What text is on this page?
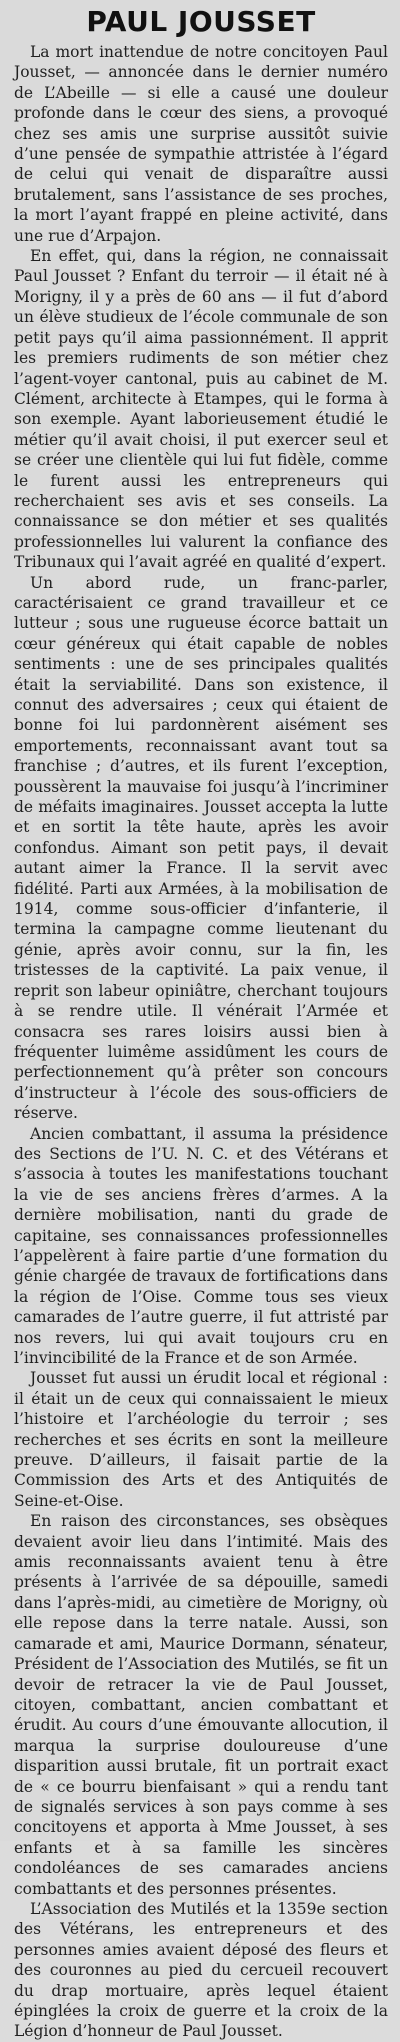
PAUL JOUSSET

La mort inattendue de notre concitoyen Paul Jousset, — annoncée dans le dernier numéro de L’Abeille — si elle a causé une douleur profonde dans le cœur des siens, a provoqué chez ses amis une surprise aussitôt suivie d’une pensée de sympathie attristée à l’égard de celui qui venait de disparaître aussi brutalement, sans l’assistance de ses proches, la mort l’ayant frappé en pleine activité, dans une rue d’Arpajon.

En effet, qui, dans la région, ne connaissait Paul Jousset ? Enfant du terroir — il était né à Morigny, il y a près de 60 ans — il fut d’abord un élève studieux de l’école communale de son petit pays qu’il aima passionnément. Il apprit les premiers rudiments de son métier chez l’agent-voyer cantonal, puis au cabinet de M. Clément, architecte à Etampes, qui le forma à son exemple. Ayant laborieusement étudié le métier qu’il avait choisi, il put exercer seul et se créer une clientèle qui lui fut fidèle, comme le furent aussi les entrepreneurs qui recherchaient ses avis et ses conseils. La connaissance se don métier et ses qualités professionnelles lui valurent la confiance des Tribunaux qui l’avait agréé en qualité d’expert.

Un abord rude, un franc-parler, caractérisaient ce grand travailleur et ce lutteur ; sous une rugueuse écorce battait un cœur généreux qui était capable de nobles sentiments : une de ses principales qualités était la serviabilité. Dans son existence, il connut des adversaires ; ceux qui étaient de bonne foi lui pardonnèrent aisément ses emportements, reconnaissant avant tout sa franchise ; d’autres, et ils furent l’exception, poussèrent la mauvaise foi jusqu’à l’incriminer de méfaits imaginaires. Jousset accepta la lutte et en sortit la tête haute, après les avoir confondus. Aimant son petit pays, il devait autant aimer la France. Il la servit avec fidélité. Parti aux Armées, à la mobilisation de 1914, comme sous-officier d’infanterie, il termina la campagne comme lieutenant du génie, après avoir connu, sur la fin, les tristesses de la captivité. La paix venue, il reprit son labeur opiniâtre, cherchant toujours à se rendre utile. Il vénérait l’Armée et consacra ses rares loisirs aussi bien à fréquenter luimême assidûment les cours de perfectionnement qu’à prêter son concours d’instructeur à l’école des sous-officiers de réserve.

Ancien combattant, il assuma la présidence des Sections de l’U. N. C. et des Vétérans et s’associa à toutes les manifestations touchant la vie de ses anciens frères d’armes. A la dernière mobilisation, nanti du grade de capitaine, ses connaissances professionnelles l’appelèrent à faire partie d’une formation du génie chargée de travaux de fortifications dans la région de l’Oise. Comme tous ses vieux camarades de l’autre guerre, il fut attristé par nos revers, lui qui avait toujours cru en l’invincibilité de la France et de son Armée.

Jousset fut aussi un érudit local et régional : il était un de ceux qui connaissaient le mieux l’histoire et l’archéologie du terroir ; ses recherches et ses écrits en sont la meilleure preuve. D’ailleurs, il faisait partie de la Commission des Arts et des Antiquités de Seine-et-Oise.

En raison des circonstances, ses obsèques devaient avoir lieu dans l’intimité. Mais des amis reconnaissants avaient tenu à être présents à l’arrivée de sa dépouille, samedi dans l’après-midi, au cimetière de Morigny, où elle repose dans la terre natale. Aussi, son camarade et ami, Maurice Dormann, sénateur, Président de l’Association des Mutilés, se fit un devoir de retracer la vie de Paul Jousset, citoyen, combattant, ancien combattant et érudit. Au cours d’une émouvante allocution, il marqua la surprise douloureuse d’une disparition aussi brutale, fit un portrait exact de « ce bourru bienfaisant » qui a rendu tant de signalés services à son pays comme à ses concitoyens et apporta à Mme Jousset, à ses enfants et à sa famille les sincères condoléances de ses camarades anciens combattants et des personnes présentes.

L’Association des Mutilés et la 1359e section des Vétérans, les entrepreneurs et des personnes amies avaient déposé des fleurs et des couronnes au pied du cercueil recouvert du drap mortuaire, après lequel étaient épinglées la croix de guerre et la croix de la Légion d’honneur de Paul Jousset.
